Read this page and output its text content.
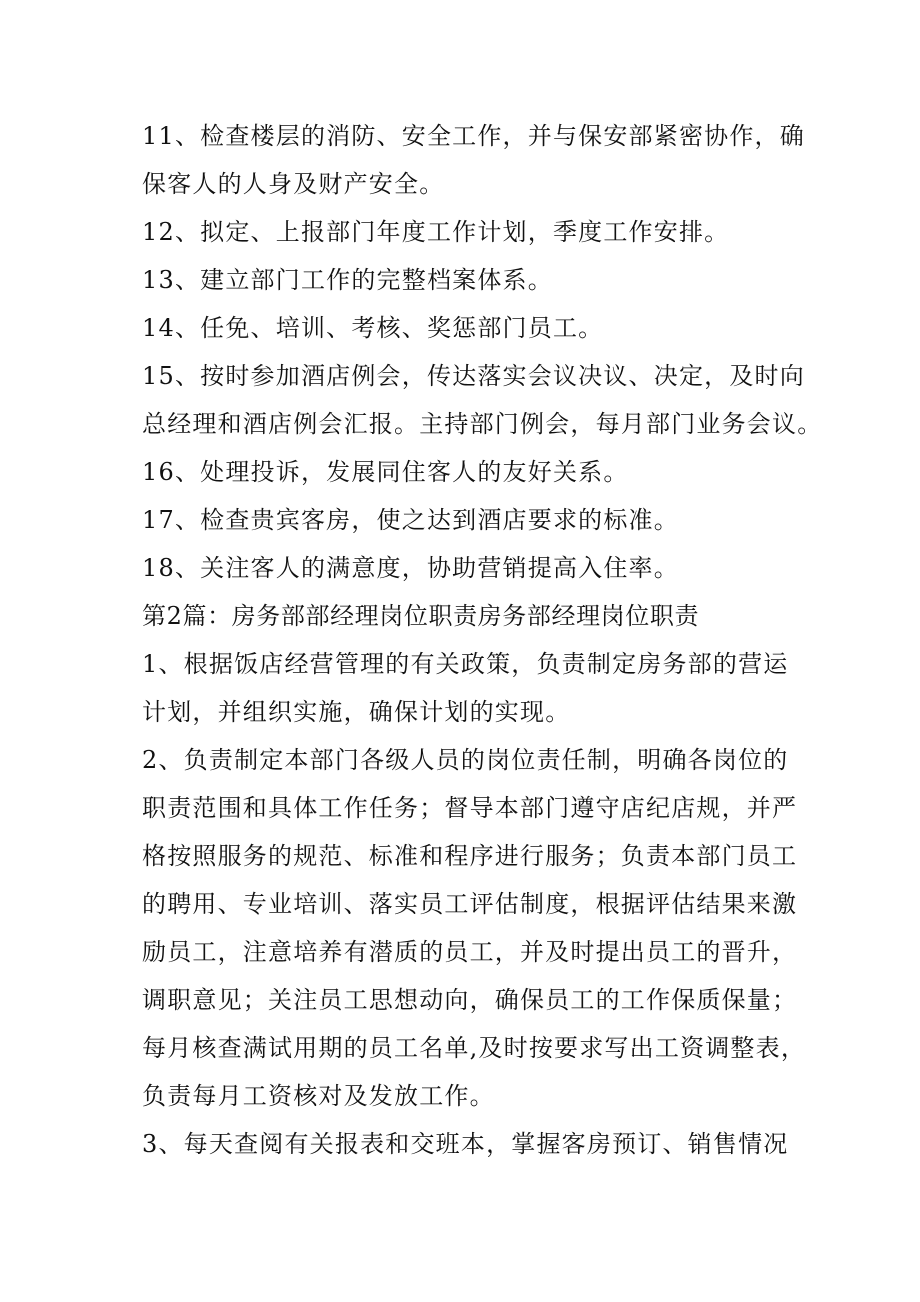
11、检查楼层的消防、安全工作，并与保安部紧密协作，确
保客人的人身及财产安全。
12、拟定、上报部门年度工作计划，季度工作安排。
13、建立部门工作的完整档案体系。
14、任免、培训、考核、奖惩部门员工。
15、按时参加酒店例会，传达落实会议决议、决定，及时向
总经理和酒店例会汇报。主持部门例会，每月部门业务会议。
16、处理投诉，发展同住客人的友好关系。
17、检查贵宾客房，使之达到酒店要求的标准。
18、关注客人的满意度，协助营销提高入住率。
第2篇：房务部部经理岗位职责房务部经理岗位职责
1、根据饭店经营管理的有关政策，负责制定房务部的营运
计划，并组织实施，确保计划的实现。
2、负责制定本部门各级人员的岗位责任制，明确各岗位的
职责范围和具体工作任务；督导本部门遵守店纪店规，并严
格按照服务的规范、标准和程序进行服务；负责本部门员工
的聘用、专业培训、落实员工评估制度，根据评估结果来激
励员工，注意培养有潜质的员工，并及时提出员工的晋升，
调职意见；关注员工思想动向，确保员工的工作保质保量；
每月核查满试用期的员工名单,及时按要求写出工资调整表，
负责每月工资核对及发放工作。
3、每天查阅有关报表和交班本，掌握客房预订、销售情况
